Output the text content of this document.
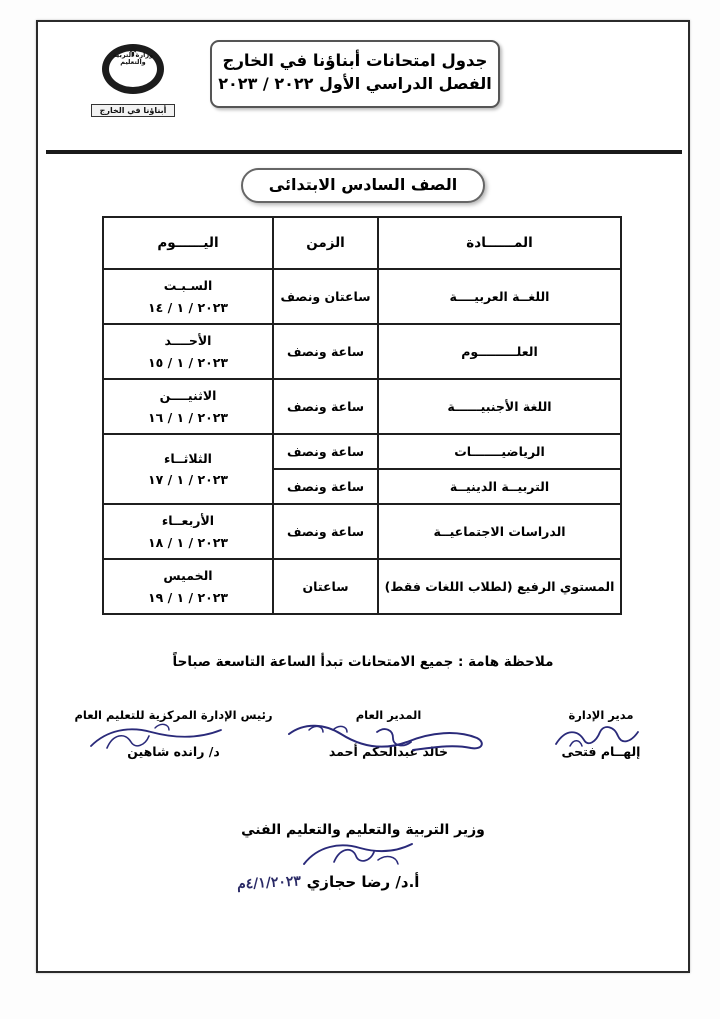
جدول امتحانات أبناؤنا في الخارج
الفصل الدراسي الأول ٢٠٢٢ / ٢٠٢٣
وزارة التربية والتعليم
أبناؤنا في الخارج
الصف السادس الابتدائى
المــــــادة	الزمن	اليــــــوم
اللغــة العربيــــة	ساعتان ونصف	السـبـت
٢٠٢٣ / ١ / ١٤

العلـــــــــوم	ساعة ونصف	الأحــــد
٢٠٢٣ / ١ / ١٥

اللغة الأجنبيــــــة	ساعة ونصف	الاثنيــــن
٢٠٢٣ / ١ / ١٦

الرياضيـــــــات	ساعة ونصف	الثلاثــاء
٢٠٢٣ / ١ / ١٧

التربيــة الدينيــة	ساعة ونصف	
الدراسات الاجتماعيــة	ساعة ونصف	الأربعــاء
٢٠٢٣ / ١ / ١٨

المستوي الرفيع (لطلاب اللغات فقط)	ساعتان	الخميس
٢٠٢٣ / ١ / ١٩
ملاحظة هامة : جميع الامتحانات تبدأ الساعة التاسعة صباحاً
مدير الإدارة
إلهــام فتحى
المدير العام
خالد عبدالحكم أحمد
رئيس الإدارة المركزية للتعليم العام
د/ رانده شاهين
وزير التربية والتعليم والتعليم الفني
أ.د/ رضا حجازي
٤/١/٢٠٢٣م
